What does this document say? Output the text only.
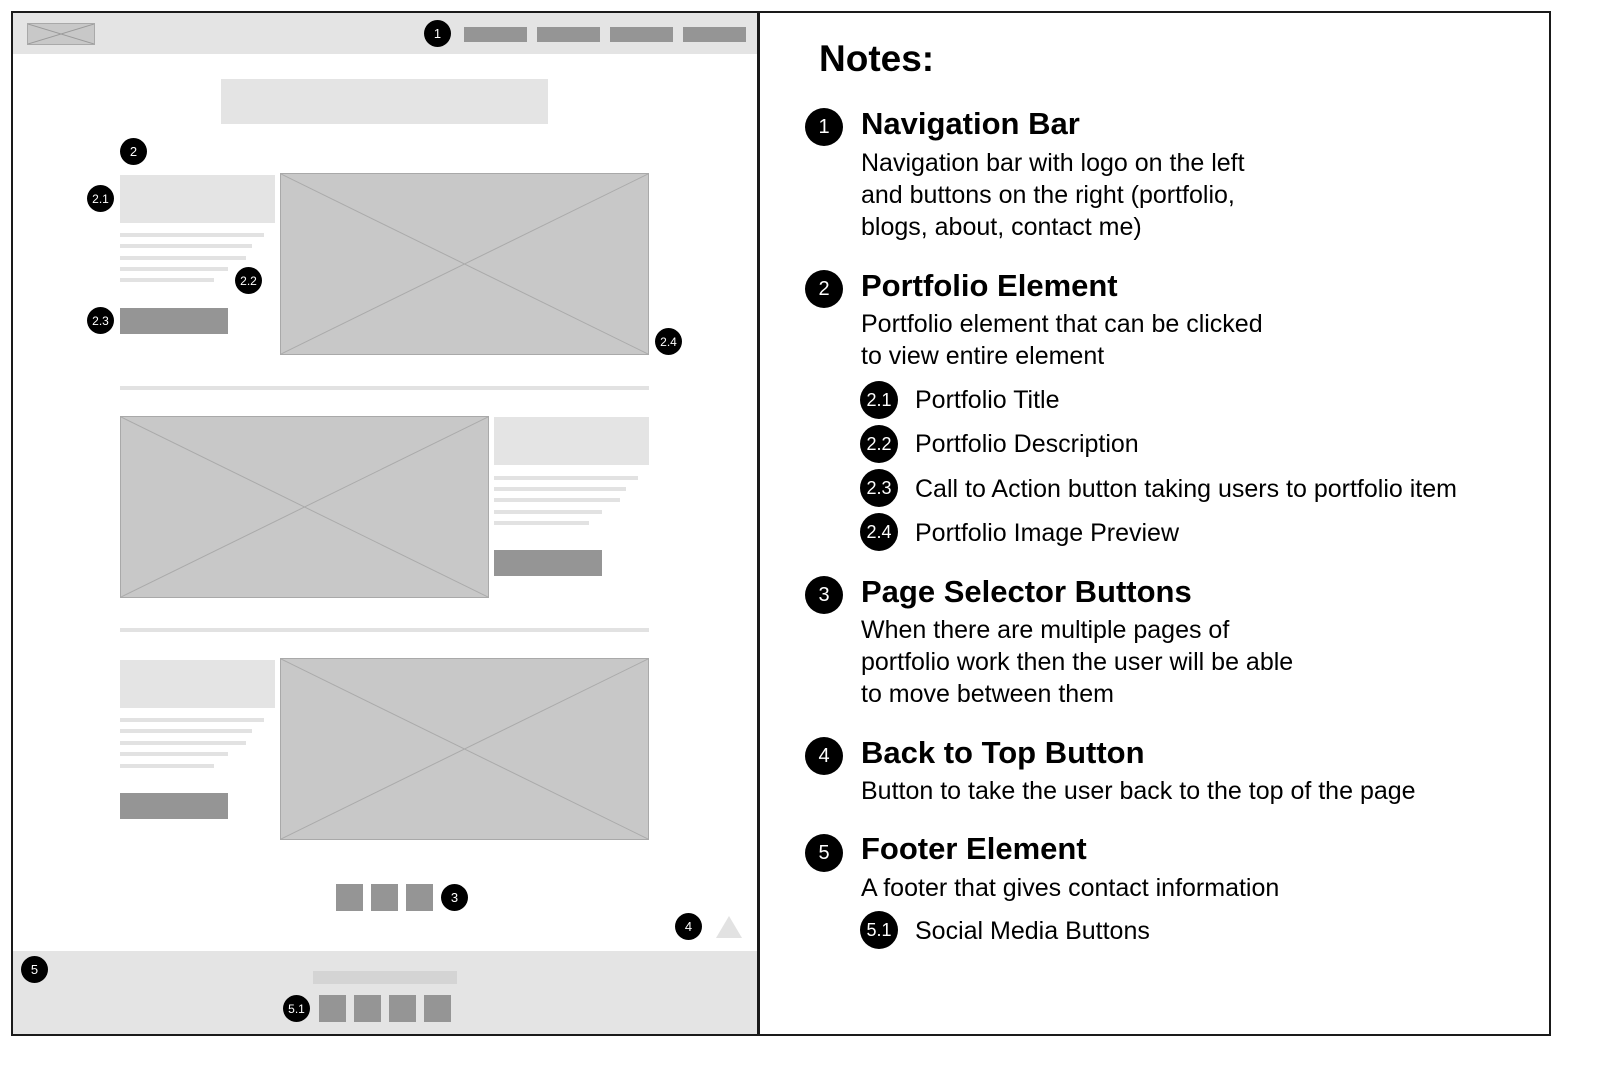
1
2
2.1
2.2
2.3
2.4
3
4
5
5.1
Notes:
1	Navigation Bar
Navigation bar with logo on the left
and buttons on the right (portfolio,
blogs, about, contact me)
2	Portfolio Element
Portfolio element that can be clicked
to view entire element
2.1 Portfolio Title
2.2 Portfolio Description
2.3 Call to Action button taking users to portfolio item
2.4 Portfolio Image Preview
3	Page Selector Buttons
When there are multiple pages of
portfolio work then the user will be able
to move between them
4	Back to Top Button
Button to take the user back to the top of the page
5	Footer Element
A footer that gives contact information
5.1 Social Media Buttons
